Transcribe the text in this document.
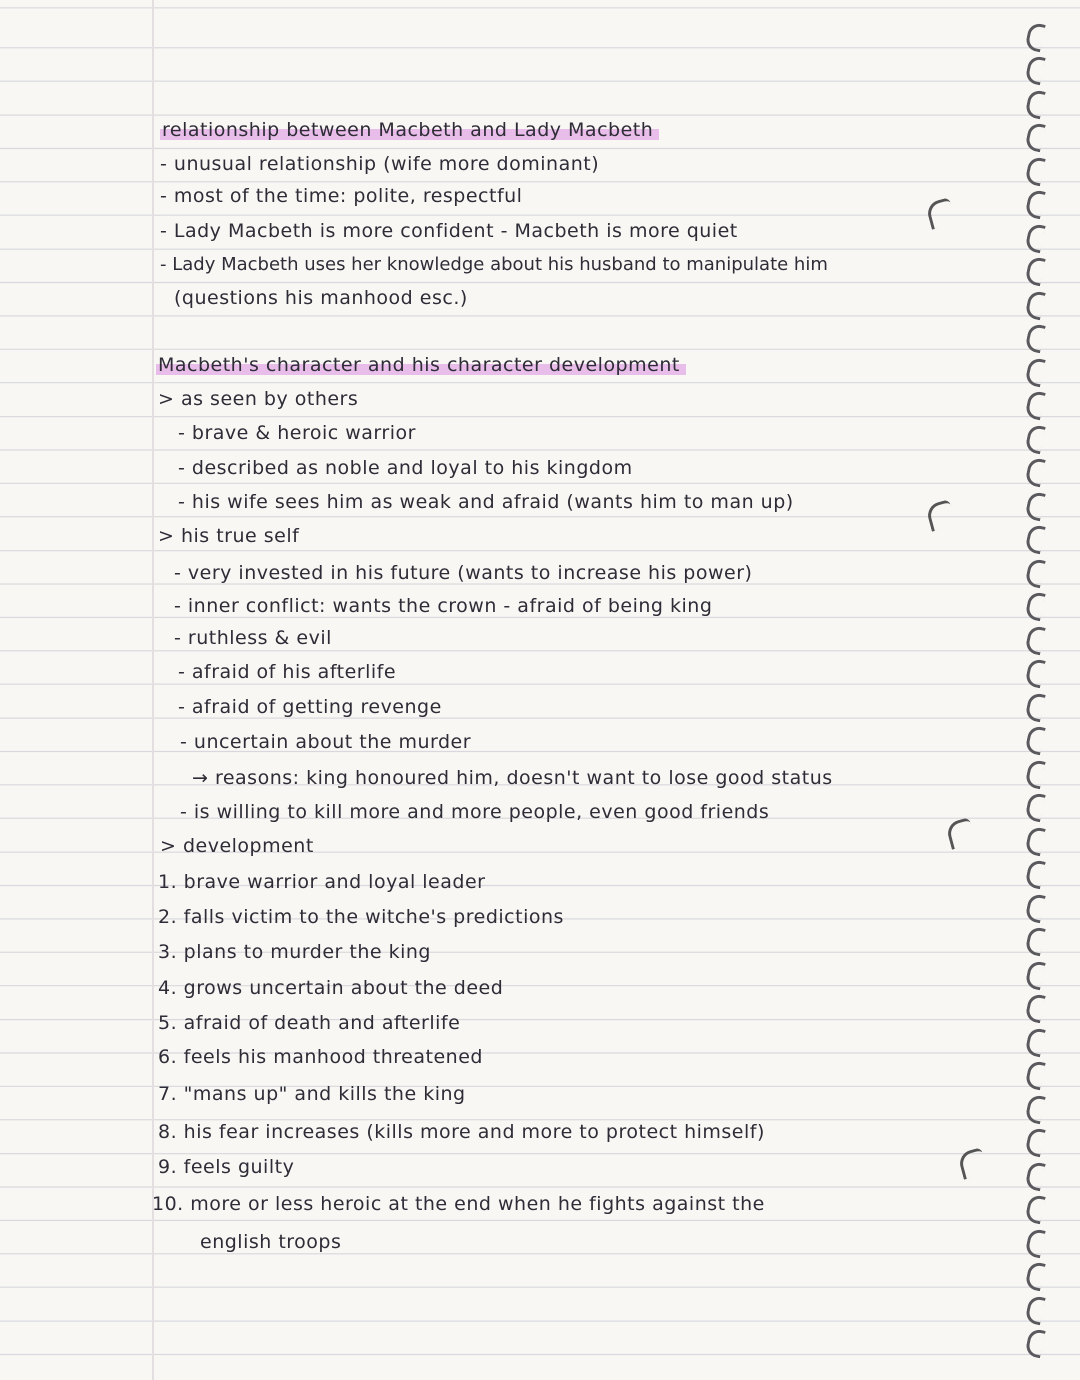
relationship between Macbeth and Lady Macbeth
- unusual relationship (wife more dominant)
- most of the time: polite, respectful
- Lady Macbeth is more confident - Macbeth is more quiet
- Lady Macbeth uses her knowledge about his husband to manipulate him
(questions his manhood esc.)
Macbeth's character and his character development
> as seen by others
- brave & heroic warrior
- described as noble and loyal to his kingdom
- his wife sees him as weak and afraid (wants him to man up)
> his true self
- very invested in his future (wants to increase his power)
- inner conflict: wants the crown - afraid of being king
- ruthless & evil
- afraid of his afterlife
- afraid of getting revenge
- uncertain about the murder
→ reasons: king honoured him, doesn't want to lose good status
- is willing to kill more and more people, even good friends
> development
1. brave warrior and loyal leader
2. falls victim to the witche's predictions
3. plans to murder the king
4. grows uncertain about the deed
5. afraid of death and afterlife
6. feels his manhood threatened
7. "mans up" and kills the king
8. his fear increases (kills more and more to protect himself)
9. feels guilty
10. more or less heroic at the end when he fights against the
english troops
